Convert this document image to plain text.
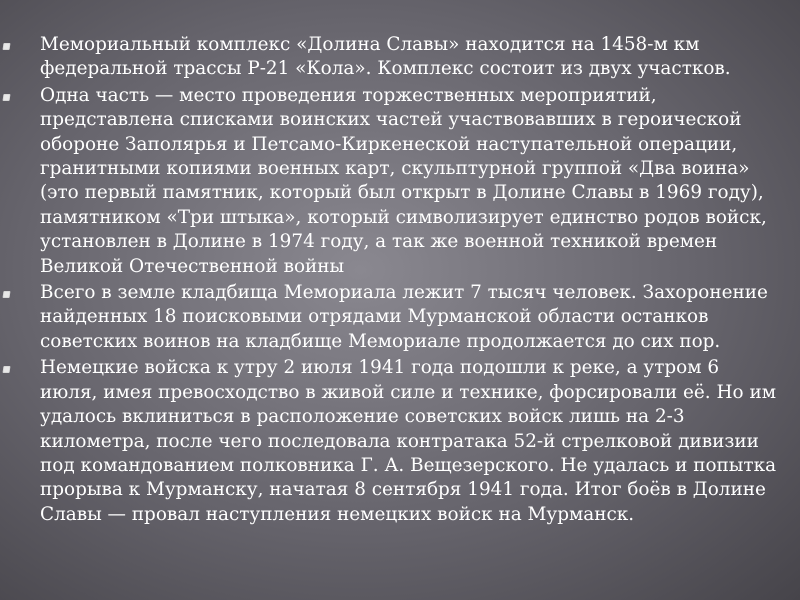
Мемориальный комплекс «Долина Славы» находится на 1458-м км федеральной трассы Р-21 «Кола». Комплекс состоит из двух участков.
Одна часть — место проведения торжественных мероприятий, представлена списками воинских частей участвовавших в героической обороне Заполярья и Петсамо-Киркенеской наступательной операции, гранитными копиями военных карт, скульптурной группой «Два воина» (это первый памятник, который был открыт в Долине Славы в 1969 году), памятником «Три штыка», который символизирует единство родов войск, установлен в Долине в 1974 году, а так же военной техникой времен Великой Отечественной войны
Всего в земле кладбища Мемориала лежит 7 тысяч человек. Захоронение найденных 18 поисковыми отрядами Мурманской области останков советских воинов на кладбище Мемориале продолжается до сих пор.
Немецкие войска к утру 2 июля 1941 года подошли к реке, а утром 6 июля, имея превосходство в живой силе и технике, форсировали её. Но им удалось вклиниться в расположение советских войск лишь на 2-3 километра, после чего последовала контратака 52-й стрелковой дивизии под командованием полковника Г. А. Вещезерского. Не удалась и попытка прорыва к Мурманску, начатая 8 сентября 1941 года. Итог боёв в Долине Славы — провал наступления немецких войск на Мурманск.
